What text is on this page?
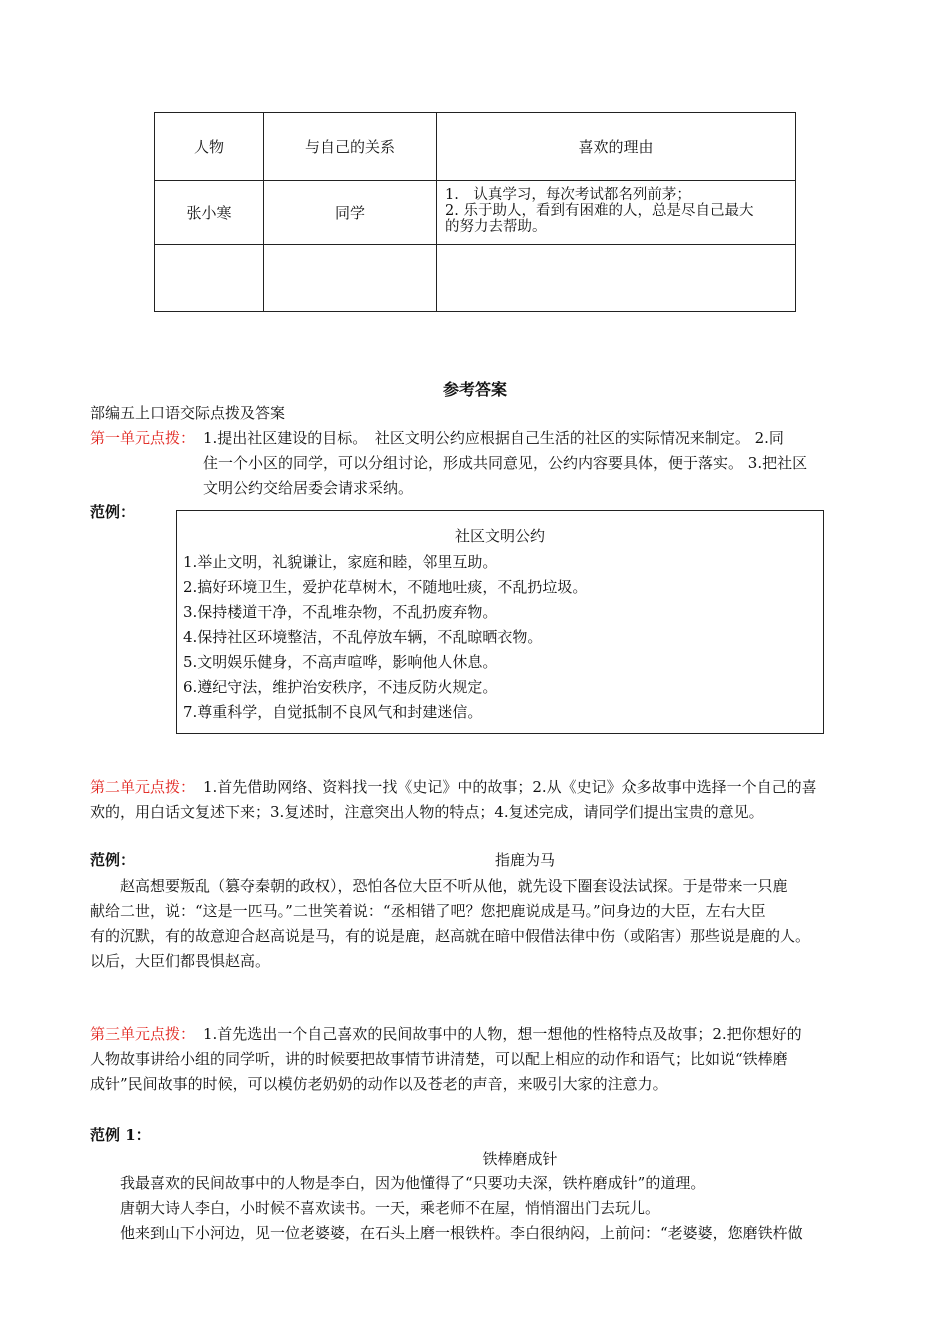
人物	与自己的关系	喜欢的理由
张小寒	同学	1.　认真学习，每次考试都名列前茅；
2. 乐于助人，看到有困难的人，总是尽自己最大
的努力去帮助。

参考答案
部编五上口语交际点拨及答案
第一单元点拨： 1.提出社区建设的目标。　社区文明公约应根据自己生活的社区的实际情况来制定。 2.同
住一个小区的同学，可以分组讨论，形成共同意见，公约内容要具体，便于落实。 3.把社区
文明公约交给居委会请求采纳。
范例：
社区文明公约
1.举止文明，礼貌谦让，家庭和睦，邻里互助。
2.搞好环境卫生，爱护花草树木，不随地吐痰，不乱扔垃圾。
3.保持楼道干净，不乱堆杂物，不乱扔废弃物。
4.保持社区环境整洁，不乱停放车辆，不乱晾晒衣物。
5.文明娱乐健身，不高声喧哗，影响他人休息。
6.遵纪守法，维护治安秩序，不违反防火规定。
7.尊重科学，自觉抵制不良风气和封建迷信。
第二单元点拨： 1.首先借助网络、资料找一找《史记》中的故事；2.从《史记》众多故事中选择一个自己的喜
欢的，用白话文复述下来；3.复述时，注意突出人物的特点；4.复述完成，请同学们提出宝贵的意见。
范例：	指鹿为马
赵高想要叛乱（篡夺秦朝的政权），恐怕各位大臣不听从他，就先设下圈套设法试探。于是带来一只鹿
献给二世，说：“这是一匹马。”二世笑着说：“丞相错了吧？您把鹿说成是马。”问身边的大臣，左右大臣
有的沉默，有的故意迎合赵高说是马，有的说是鹿，赵高就在暗中假借法律中伤（或陷害）那些说是鹿的人。
以后，大臣们都畏惧赵高。
第三单元点拨： 1.首先选出一个自己喜欢的民间故事中的人物，想一想他的性格特点及故事；2.把你想好的
人物故事讲给小组的同学听，讲的时候要把故事情节讲清楚，可以配上相应的动作和语气；比如说“铁棒磨
成针”民间故事的时候，可以模仿老奶奶的动作以及苍老的声音，来吸引大家的注意力。
范例 1：
铁棒磨成针
我最喜欢的民间故事中的人物是李白，因为他懂得了“只要功夫深，铁杵磨成针”的道理。
唐朝大诗人李白，小时候不喜欢读书。一天，乘老师不在屋，悄悄溜出门去玩儿。
他来到山下小河边，见一位老婆婆，在石头上磨一根铁杵。李白很纳闷，上前问：“老婆婆，您磨铁杵做
